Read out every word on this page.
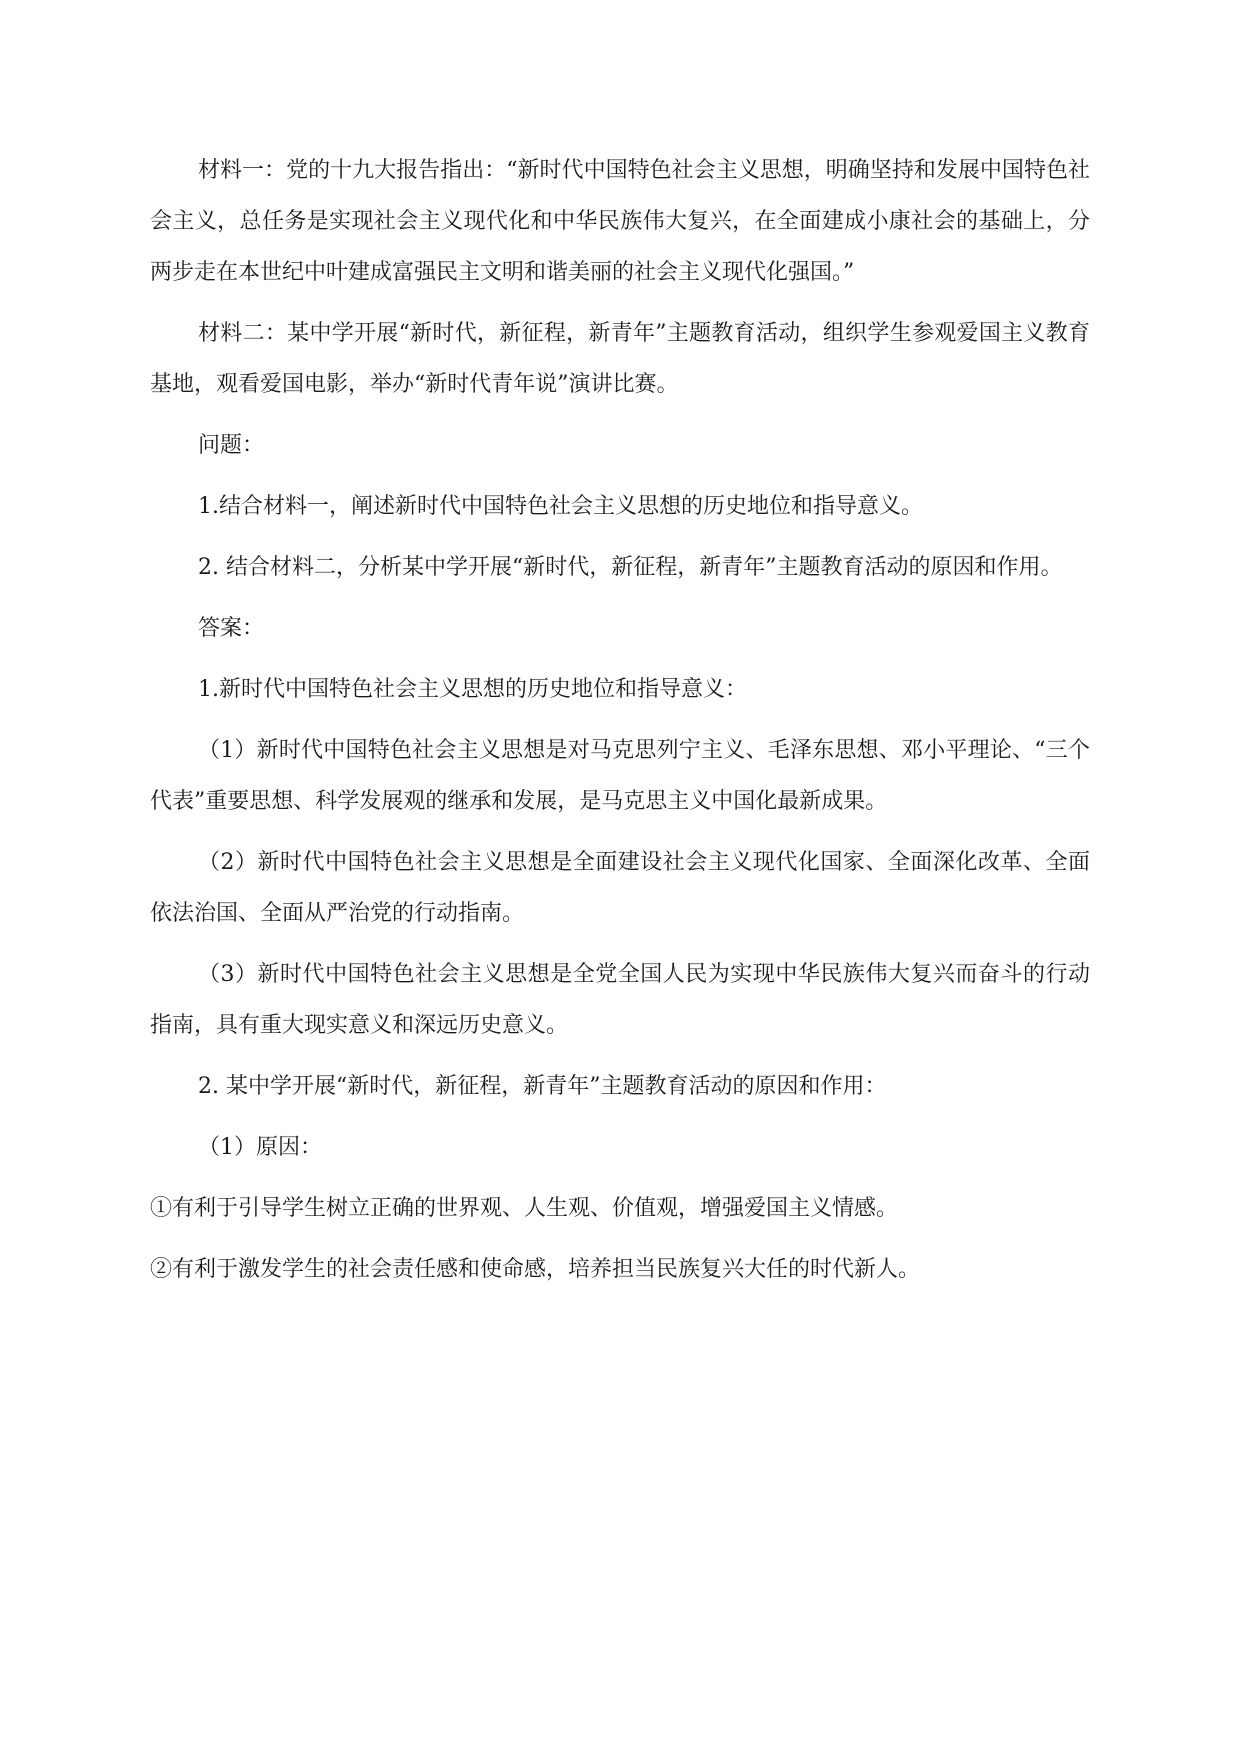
材料一：党的十九大报告指出：“新时代中国特色社会主义思想，明确坚持和发展中国特色社会主义，总任务是实现社会主义现代化和中华民族伟大复兴，在全面建成小康社会的基础上，分两步走在本世纪中叶建成富强民主文明和谐美丽的社会主义现代化强国。”

材料二：某中学开展“新时代，新征程，新青年”主题教育活动，组织学生参观爱国主义教育基地，观看爱国电影，举办“新时代青年说”演讲比赛。

问题：

1.结合材料一，阐述新时代中国特色社会主义思想的历史地位和指导意义。

2. 结合材料二，分析某中学开展“新时代，新征程，新青年”主题教育活动的原因和作用。

答案：

1.新时代中国特色社会主义思想的历史地位和指导意义：

（1）新时代中国特色社会主义思想是对马克思列宁主义、毛泽东思想、邓小平理论、“三个代表”重要思想、科学发展观的继承和发展，是马克思主义中国化最新成果。

（2）新时代中国特色社会主义思想是全面建设社会主义现代化国家、全面深化改革、全面依法治国、全面从严治党的行动指南。

（3）新时代中国特色社会主义思想是全党全国人民为实现中华民族伟大复兴而奋斗的行动指南，具有重大现实意义和深远历史意义。

2. 某中学开展“新时代，新征程，新青年”主题教育活动的原因和作用：

（1）原因：

①有利于引导学生树立正确的世界观、人生观、价值观，增强爱国主义情感。

②有利于激发学生的社会责任感和使命感，培养担当民族复兴大任的时代新人。
